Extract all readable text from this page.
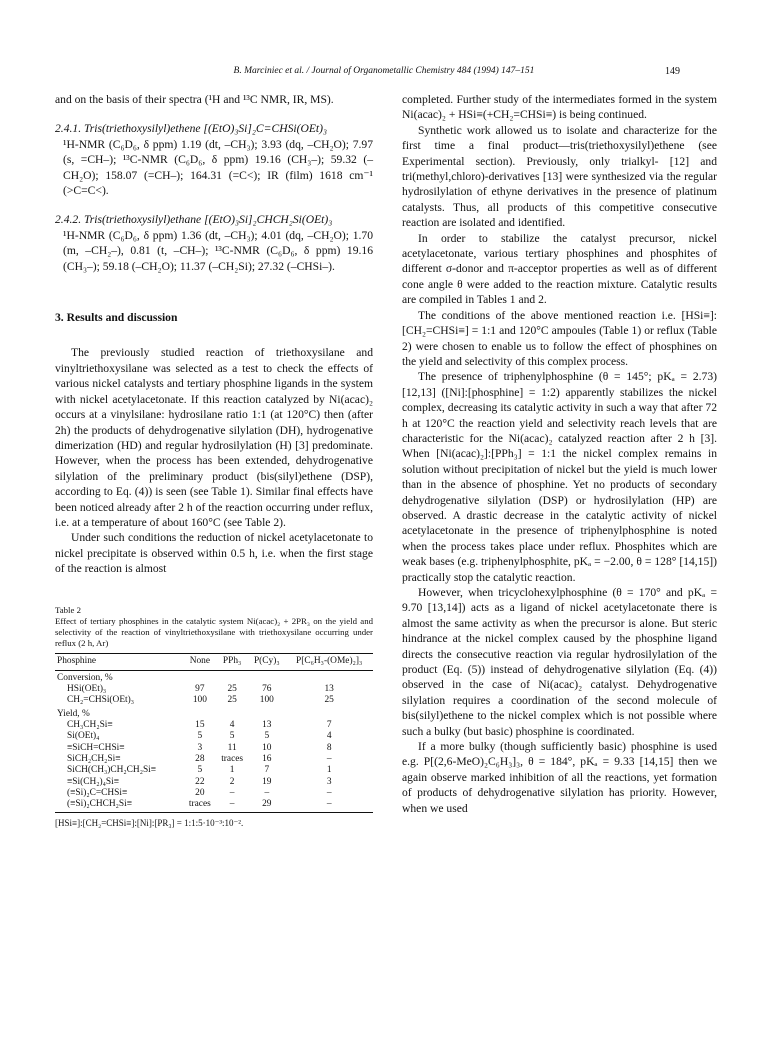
B. Marciniec et al. / Journal of Organometallic Chemistry 484 (1994) 147–151	149

and on the basis of their spectra (¹H and ¹³C NMR, IR, MS).

2.4.1. Tris(triethoxysilyl)ethene [(EtO)₃Si]₂C=CHSi(OEt)₃

¹H-NMR (C₆D₆, δ ppm) 1.19 (dt, –CH₃); 3.93 (dq, –CH₂O); 7.97 (s, =CH–); ¹³C-NMR (C₆D₆, δ ppm) 19.16 (CH₃–); 59.32 (–CH₂O); 158.07 (=CH–); 164.31 (=C<); IR (film) 1618 cm⁻¹ (>C=C<).

2.4.2. Tris(triethoxysilyl)ethane [(EtO)₃Si]₂CHCH₂Si(OEt)₃

¹H-NMR (C₆D₆, δ ppm) 1.36 (dt, –CH₃); 4.01 (dq, –CH₂O); 1.70 (m, –CH₂–), 0.81 (t, –CH–); ¹³C-NMR (C₆D₆, δ ppm) 19.16 (CH₃–); 59.18 (–CH₂O); 11.37 (–CH₂Si); 27.32 (–CHSi–).

3. Results and discussion

The previously studied reaction of triethoxysilane and vinyltriethoxysilane was selected as a test to check the effects of various nickel catalysts and tertiary phosphine ligands in the system with nickel acetylacetonate. If this reaction catalyzed by Ni(acac)₂ occurs at a vinylsilane: hydrosilane ratio 1:1 (at 120°C) then (after 2h) the products of dehydrogenative silylation (DH), hydrogenative dimerization (HD) and regular hydrosilylation (H) [3] predominate. However, when the process has been extended, dehydrogenative silylation of the preliminary product (bis(silyl)ethene (DSP), according to Eq. (4)) is seen (see Table 1). Similar final effects have been noticed already after 2 h of the reaction occurring under reflux, i.e. at a temperature of about 160°C (see Table 2).

Under such conditions the reduction of nickel acetylacetonate to nickel precipitate is observed within 0.5 h, i.e. when the first stage of the reaction is almost

Table 2
Effect of tertiary phosphines in the catalytic system Ni(acac)₂ + 2PR₃ on the yield and selectivity of the reaction of vinyltriethoxysilane with triethoxysilane occurring under reflux (2 h, Ar)
Phosphine	None	PPh₃	P(Cy)₃	P[C₆H₃-(OMe)₂]₃
Conversion, %				
HSi(OEt)₃	97	25	76	13
CH₂=CHSi(OEt)₃	100	25	100	25
Yield, %				
CH₃CH₂Si≡	15	4	13	7
Si(OEt)₄	5	5	5	4
≡SiCH=CHSi≡	3	11	10	8
SiCH₂CH₂Si≡	28	traces	16	–
SiCH(CH₃)CH₂CH₂Si≡	5	1	7	1
≡Si(CH₂)₄Si≡	22	2	19	3
(≡Si)₂C=CHSi≡	20	–	–	–
(≡Si)₂CHCH₂Si≡	traces	–	29	–
[HSi≡]:[CH₂=CHSi≡]:[Ni]:[PR₃] = 1:1:5·10⁻³:10⁻².

completed. Further study of the intermediates formed in the system Ni(acac)₂ + HSi≡(+CH₂=CHSi≡) is being continued.

Synthetic work allowed us to isolate and characterize for the first time a final product—tris(triethoxysilyl)ethene (see Experimental section). Previously, only trialkyl- [12] and tri(methyl,chloro)-derivatives [13] were synthesized via the regular hydrosilylation of ethyne derivatives in the presence of platinum catalysts. Thus, all products of this competitive consecutive reaction are isolated and identified.

In order to stabilize the catalyst precursor, nickel acetylacetonate, various tertiary phosphines and phosphites of different σ-donor and π-acceptor properties as well as of different cone angle θ were added to the reaction mixture. Catalytic results are compiled in Tables 1 and 2.

The conditions of the above mentioned reaction i.e. [HSi≡]:[CH₂=CHSi≡] = 1:1 and 120°C ampoules (Table 1) or reflux (Table 2) were chosen to enable us to follow the effect of phosphines on the yield and selectivity of this complex process.

The presence of triphenylphosphine (θ = 145°; pKₐ = 2.73) [12,13] ([Ni]:[phosphine] = 1:2) apparently stabilizes the nickel complex, decreasing its catalytic activity in such a way that after 72 h at 120°C the reaction yield and selectivity reach levels that are characteristic for the Ni(acac)₂ catalyzed reaction after 2 h [3]. When [Ni(acac)₂]:[PPh₃] = 1:1 the nickel complex remains in solution without precipitation of nickel but the yield is much lower than in the absence of phosphine. Yet no products of secondary dehydrogenative silylation (DSP) or hydrosilylation (HP) are observed. A drastic decrease in the catalytic activity of nickel acetylacetonate in the presence of triphenylphosphine is noted when the process takes place under reflux. Phosphites which are weak bases (e.g. triphenylphosphite, pKₐ = −2.00, θ = 128° [14,15]) practically stop the catalytic reaction.

However, when tricyclohexylphosphine (θ = 170° and pKₐ = 9.70 [13,14]) acts as a ligand of nickel acetylacetonate there is almost the same activity as when the precursor is alone. But steric hindrance at the nickel complex caused by the phosphine ligand directs the consecutive reaction via regular hydrosilylation of the product (Eq. (5)) instead of dehydrogenative silylation (Eq. (4)) observed in the case of Ni(acac)₂ catalyst. Dehydrogenative silylation requires a coordination of the second molecule of bis(silyl)ethene to the nickel complex which is not possible where such a bulky (but basic) phosphine is coordinated.

If a more bulky (though sufficiently basic) phosphine is used e.g. P[(2,6-MeO)₂C₆H₃]₃, θ = 184°, pKₐ = 9.33 [14,15] then we again observe marked inhibition of all the reactions, yet formation of products of dehydrogenative silylation has priority. However, when we used
